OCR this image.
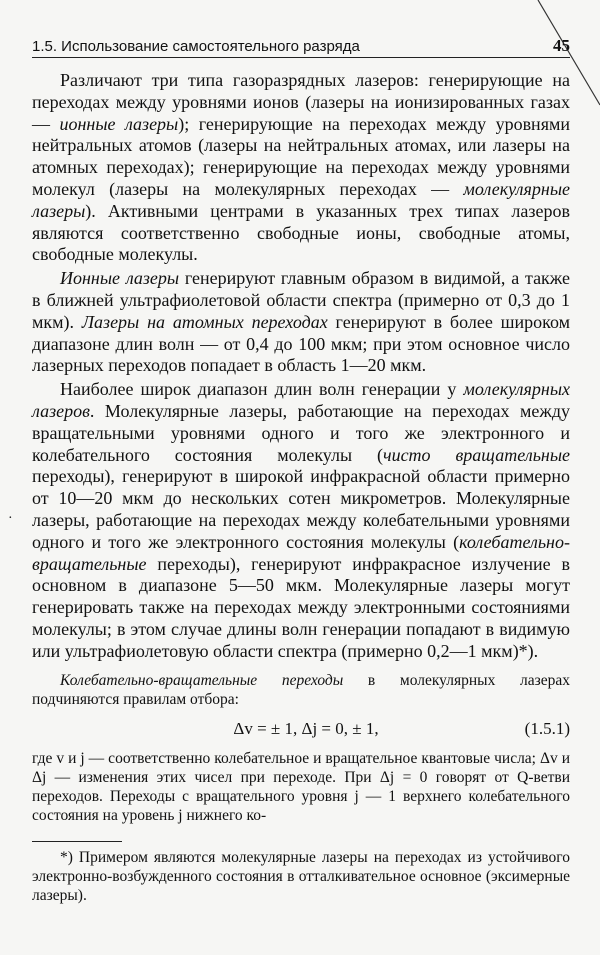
1.5. Использование самостоятельного разряда	45
·

Различают три типа газоразрядных лазеров: генерирующие на переходах между уровнями ионов (лазеры на ионизированных газах — ионные лазеры); генерирующие на переходах между уровнями нейтральных атомов (лазеры на нейтральных атомах, или лазеры на атомных переходах); генерирующие на переходах между уровнями молекул (лазеры на молекулярных переходах — молекулярные лазеры). Активными центрами в указанных трех типах лазеров являются соответственно свободные ионы, свободные атомы, свободные молекулы.

Ионные лазеры генерируют главным образом в видимой, а также в ближней ультрафиолетовой области спектра (примерно от 0,3 до 1 мкм). Лазеры на атомных переходах генерируют в более широком диапазоне длин волн — от 0,4 до 100 мкм; при этом основное число лазерных переходов попадает в область 1—20 мкм.

Наиболее широк диапазон длин волн генерации у молекулярных лазеров. Молекулярные лазеры, работающие на переходах между вращательными уровнями одного и того же электронного и колебательного состояния молекулы (чисто вращательные переходы), генерируют в широкой инфракрасной области примерно от 10—20 мкм до нескольких сотен микрометров. Молекулярные лазеры, работающие на переходах между колебательными уровнями одного и того же электронного состояния молекулы (колебательно-вращательные переходы), генерируют инфракрасное излучение в основном в диапазоне 5—50 мкм. Молекулярные лазеры могут генерировать также на переходах между электронными состояниями молекулы; в этом случае длины волн генерации попадают в видимую или ультрафиолетовую области спектра (примерно 0,2—1 мкм)*).

Колебательно-вращательные переходы в молекулярных лазерах подчиняются правилам отбора:

Δv = ± 1, Δj = 0, ± 1,	(1.5.1)

где v и j — соответственно колебательное и вращательное квантовые числа; Δv и Δj — изменения этих чисел при переходе. При Δj = 0 говорят от Q-ветви переходов. Переходы с вращательного уровня j — 1 верхнего колебательного состояния на уровень j нижнего ко-

*) Примером являются молекулярные лазеры на переходах из устойчивого электронно-возбужденного состояния в отталкивательное основное (эксимерные лазеры).
